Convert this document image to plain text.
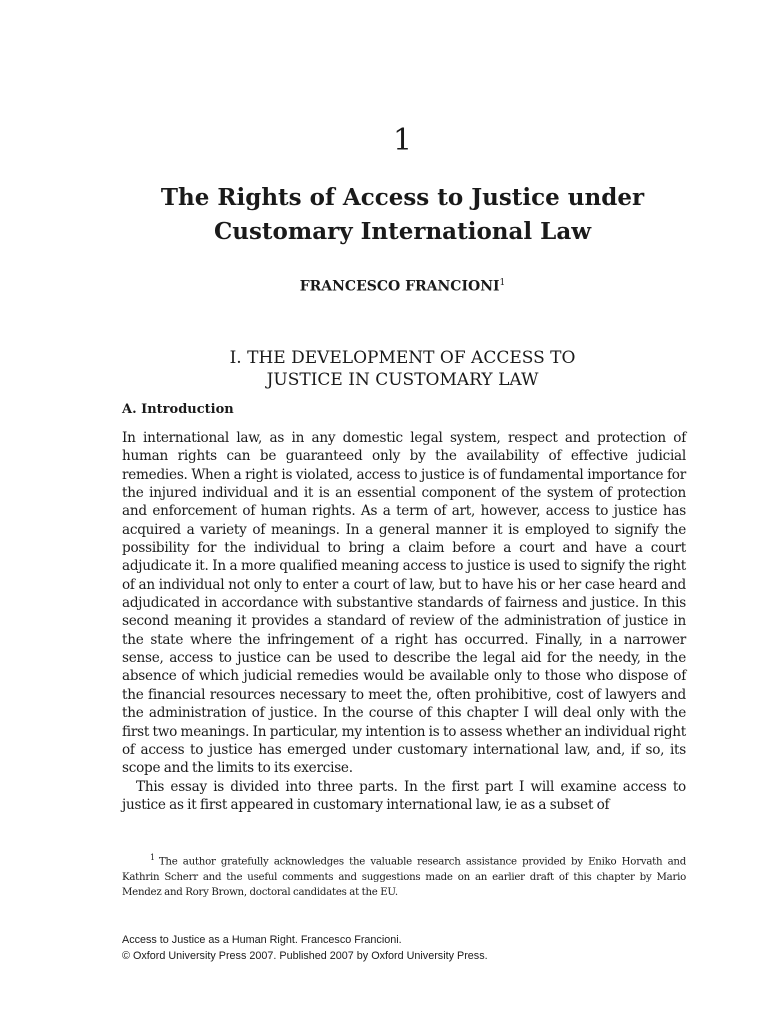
1
The Rights of Access to Justice under
Customary International Law
FRANCESCO FRANCIONI$^1$
I. THE DEVELOPMENT OF ACCESS TO
JUSTICE IN CUSTOMARY LAW
A. Introduction

In international law, as in any domestic legal system, respect and protection of human rights can be guaranteed only by the availability of effective judicial remedies. When a right is violated, access to justice is of fundamental importance for the injured individual and it is an essential component of the system of protection and enforcement of human rights. As a term of art, however, access to justice has acquired a variety of meanings. In a general manner it is employed to signify the possibility for the individual to bring a claim before a court and have a court adjudicate it. In a more qualified meaning access to justice is used to signify the right of an individual not only to enter a court of law, but to have his or her case heard and adjudicated in accordance with substantive standards of fairness and justice. In this second meaning it provides a standard of review of the administration of justice in the state where the infringement of a right has occurred. Finally, in a narrower sense, access to justice can be used to describe the legal aid for the needy, in the absence of which judicial remedies would be available only to those who dispose of the financial resources necessary to meet the, often prohibitive, cost of lawyers and the administration of justice. In the course of this chapter I will deal only with the first two meanings. In particular, my intention is to assess whether an individual right of access to justice has emerged under customary international law, and, if so, its scope and the limits to its exercise.

This essay is divided into three parts. In the first part I will examine access to justice as it first appeared in customary international law, ie as a subset of

$^1$ The author gratefully acknowledges the valuable research assistance provided by Eniko Horvath and Kathrin Scherr and the useful comments and suggestions made on an earlier draft of this chapter by Mario Mendez and Rory Brown, doctoral candidates at the EU.

Access to Justice as a Human Right. Francesco Francioni.
© Oxford University Press 2007. Published 2007 by Oxford University Press.
